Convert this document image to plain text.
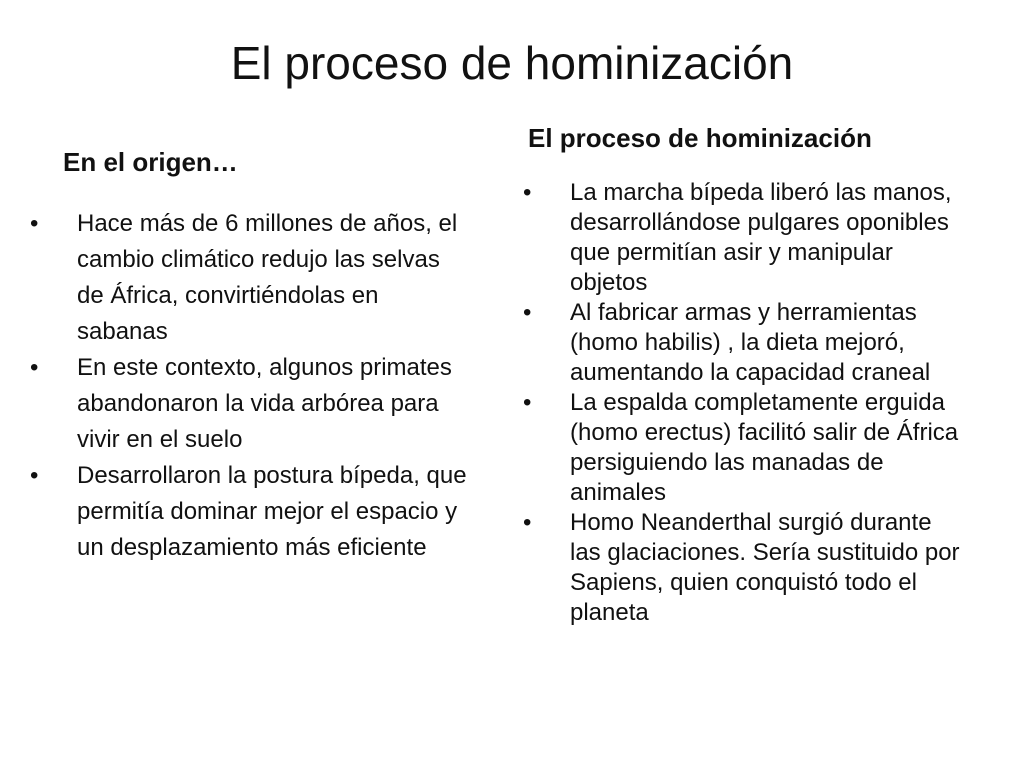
El proceso de hominización
En el origen…
• Hace más de 6 millones de años, el cambio climático redujo las selvas de África, convirtiéndolas en sabanas
• En este contexto, algunos primates abandonaron la vida arbórea para vivir en el suelo
• Desarrollaron la postura bípeda, que permitía dominar mejor el espacio y un desplazamiento más eficiente
El proceso de hominización
• La marcha bípeda liberó las manos, desarrollándose pulgares oponibles que permitían asir y manipular objetos
• Al fabricar armas y herramientas (homo habilis) , la dieta mejoró, aumentando la capacidad craneal
• La espalda completamente erguida (homo erectus) facilitó salir de África persiguiendo las manadas de animales
• Homo Neanderthal surgió durante las glaciaciones. Sería sustituido por Sapiens, quien conquistó todo el planeta
